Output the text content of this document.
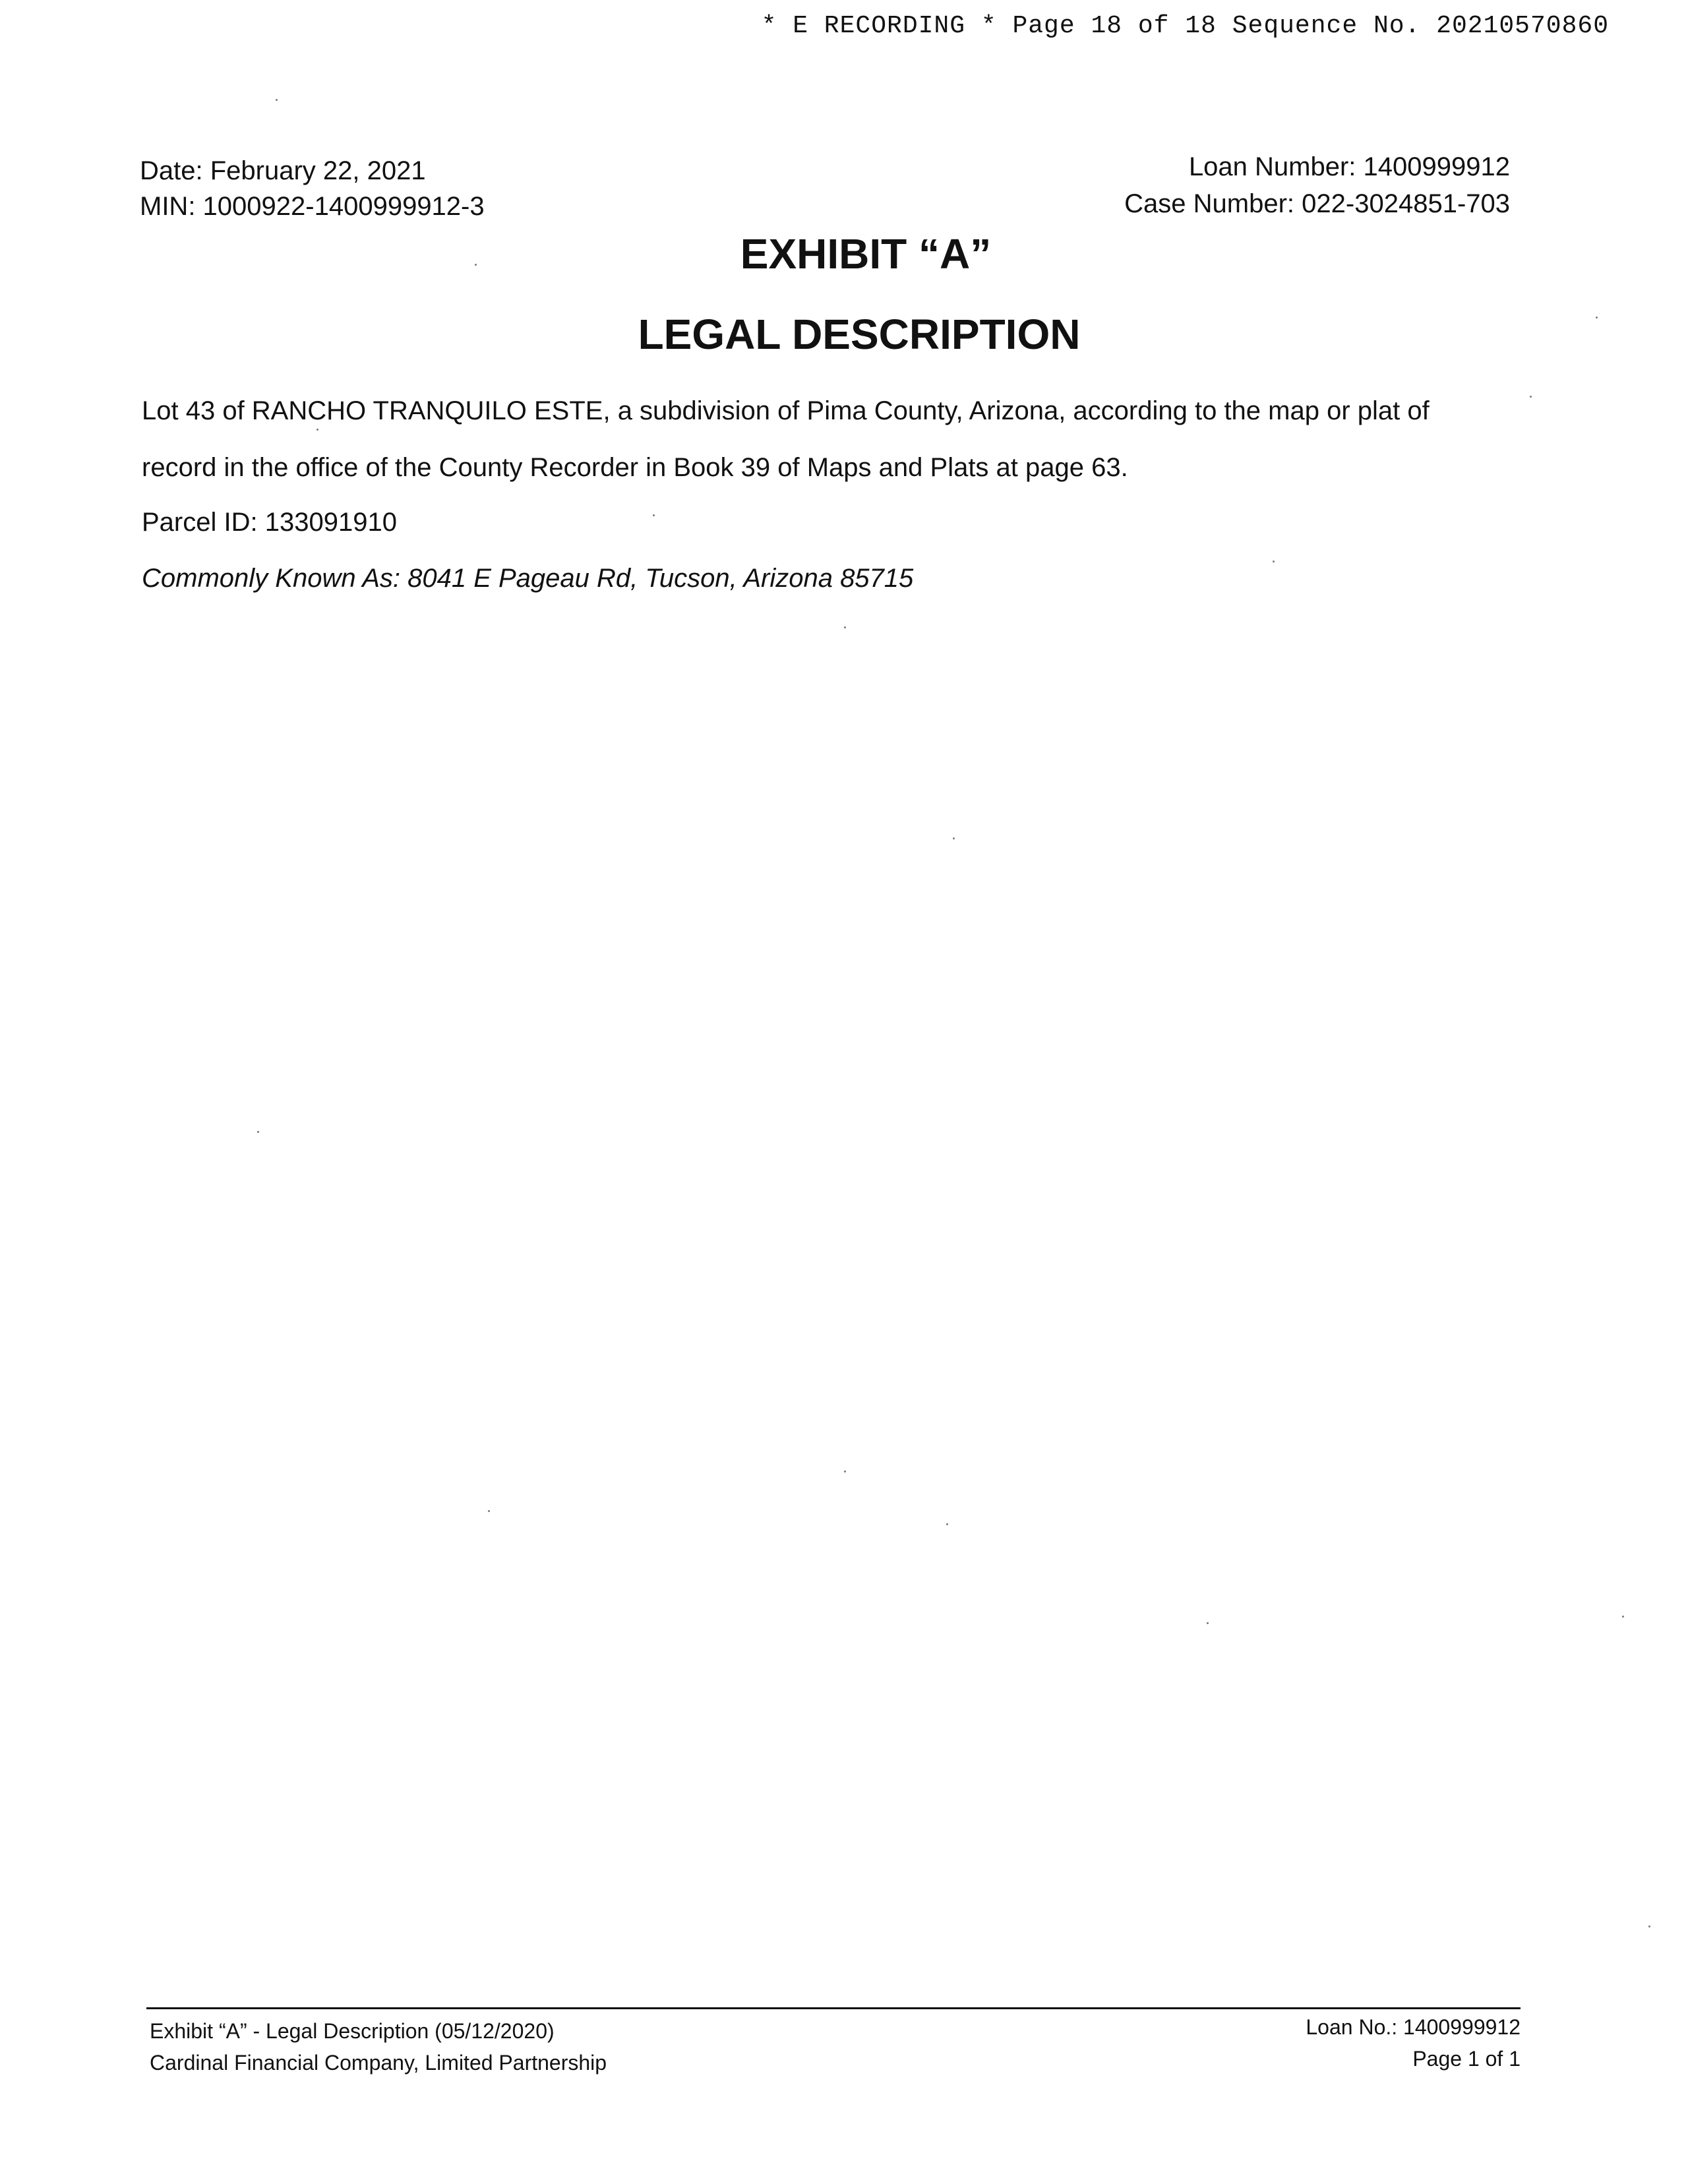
* E RECORDING * Page 18 of 18 Sequence No. 20210570860
Date: February 22, 2021
MIN: 1000922-1400999912-3
Loan Number: 1400999912
Case Number: 022-3024851-703
EXHIBIT “A”
LEGAL DESCRIPTION
Lot 43 of RANCHO TRANQUILO ESTE, a subdivision of Pima County, Arizona, according to the map or plat of record in the office of the County Recorder in Book 39 of Maps and Plats at page 63.
Parcel ID: 133091910
Commonly Known As: 8041 E Pageau Rd, Tucson, Arizona 85715
Exhibit “A” - Legal Description (05/12/2020)
Cardinal Financial Company, Limited Partnership
Loan No.: 1400999912
Page 1 of 1
